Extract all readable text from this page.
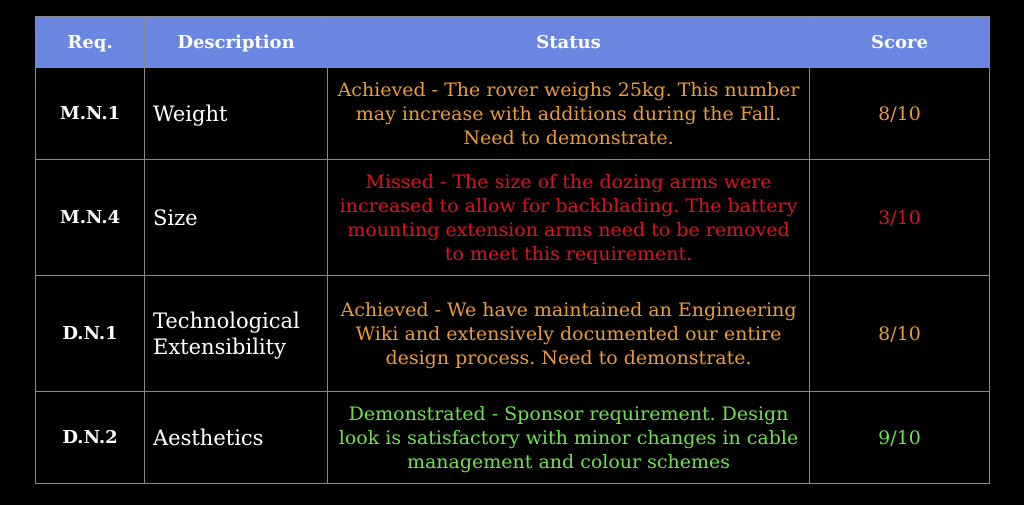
Req.	Description	Status	Score
M.N.1	Weight	Achieved - The rover weighs 25kg. This number may increase with additions during the Fall. Need to demonstrate.	8/10
M.N.4	Size	Missed - The size of the dozing arms were increased to allow for backblading. The battery mounting extension arms need to be removed to meet this requirement.	3/10
D.N.1	Technological Extensibility	Achieved - We have maintained an Engineering Wiki and extensively documented our entire design process. Need to demonstrate.	8/10
D.N.2	Aesthetics	Demonstrated - Sponsor requirement. Design look is satisfactory with minor changes in cable management and colour schemes	9/10
